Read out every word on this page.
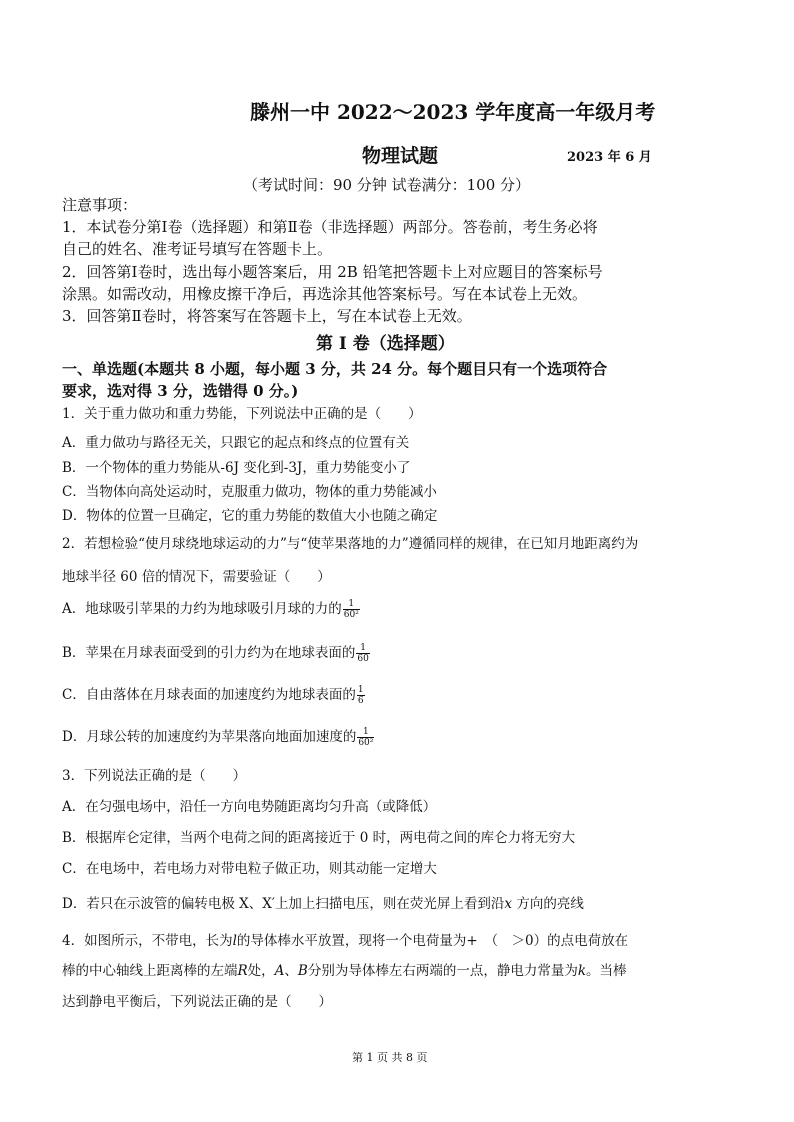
滕州一中 2022～2023 学年度高一年级月考
物理试题	2023 年 6 月
（考试时间：90 分钟 试卷满分：100 分）
注意事项：
1．本试卷分第Ⅰ卷（选择题）和第Ⅱ卷（非选择题）两部分。答卷前，考生务必将
自己的姓名、准考证号填写在答题卡上。
2．回答第Ⅰ卷时，选出每小题答案后，用 2B 铅笔把答题卡上对应题目的答案标号
涂黑。如需改动，用橡皮擦干净后，再选涂其他答案标号。写在本试卷上无效。
3．回答第Ⅱ卷时，将答案写在答题卡上，写在本试卷上无效。
第 Ⅰ 卷（选择题）
一、单选题(本题共 8 小题，每小题 3 分，共 24 分。每个题目只有一个选项符合
要求，选对得 3 分，选错得 0 分。)
1．关于重力做功和重力势能，下列说法中正确的是（　　）
A．重力做功与路径无关，只跟它的起点和终点的位置有关
B．一个物体的重力势能从-6J 变化到-3J，重力势能变小了
C．当物体向高处运动时，克服重力做功，物体的重力势能减小
D．物体的位置一旦确定，它的重力势能的数值大小也随之确定
2．若想检验“使月球绕地球运动的力”与“使苹果落地的力”遵循同样的规律，在已知月地距离约为
地球半径 60 倍的情况下，需要验证（　　）
A．地球吸引苹果的力约为地球吸引月球的力的 $\frac{1}{\text{60²}}$
B．苹果在月球表面受到的引力约为在地球表面的 $\frac{1}{60}$
C．自由落体在月球表面的加速度约为地球表面的 $\frac{1}{6}$
D．月球公转的加速度约为苹果落向地面加速度的 $\frac{1}{\text{60²}}$
3．下列说法正确的是（　　）
A．在匀强电场中，沿任一方向电势随距离均匀升高（或降低）
B．根据库仑定律，当两个电荷之间的距离接近于 0 时，两电荷之间的库仑力将无穷大
C．在电场中，若电场力对带电粒子做正功，则其动能一定增大
D．若只在示波管的偏转电极 X、X′上加上扫描电压，则在荧光屏上看到沿x 方向的亮线
4．如图所示，不带电，长为l的导体棒水平放置，现将一个电荷量为+　（　＞0）的点电荷放在
棒的中心轴线上距离棒的左端R处，A、B分别为导体棒左右两端的一点，静电力常量为k。当棒
达到静电平衡后，下列说法正确的是（　　）
第 1 页 共 8 页
